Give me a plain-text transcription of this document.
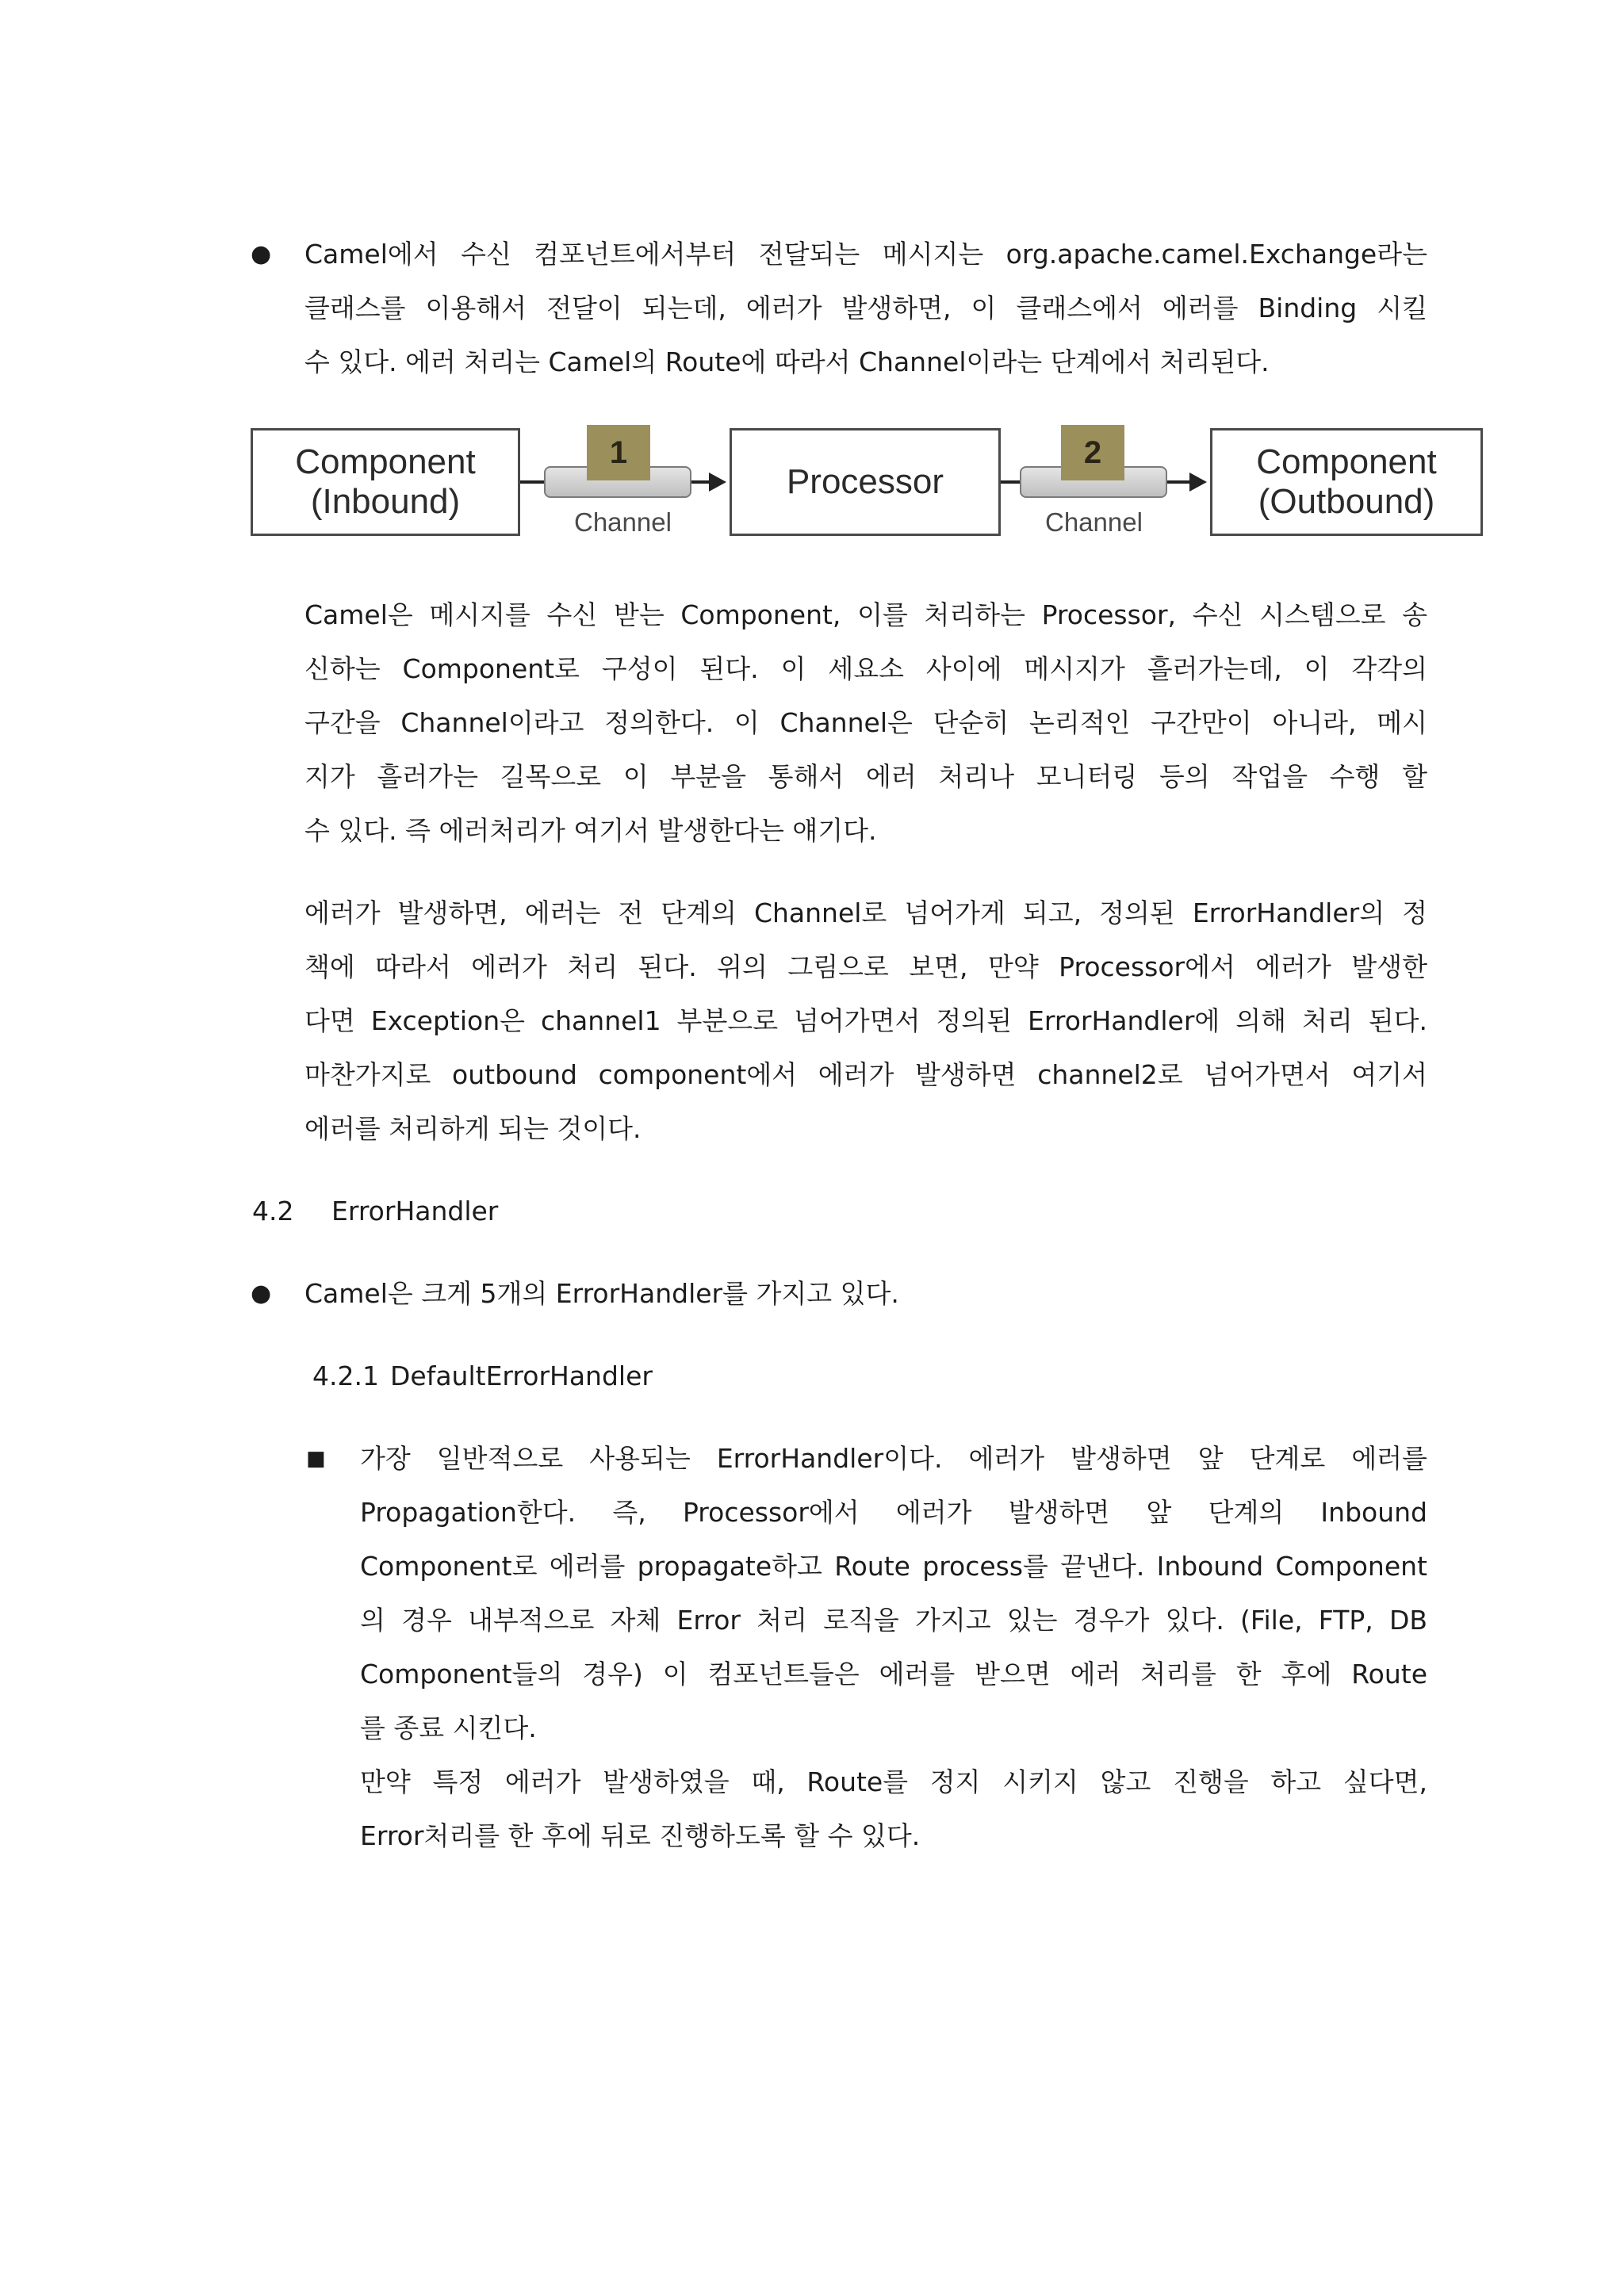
● Camel에서 수신 컴포넌트에서부터 전달되는 메시지는 org.apache.camel.Exchange라는
클래스를 이용해서 전달이 되는데, 에러가 발생하면, 이 클래스에서 에러를 Binding 시킬
수 있다. 에러 처리는 Camel의 Route에 따라서 Channel이라는 단계에서 처리된다.
Component
(Inbound)
1
Channel
Processor
2
Channel
Component
(Outbound)
Camel은 메시지를 수신 받는 Component, 이를 처리하는 Processor, 수신 시스템으로 송
신하는 Component로 구성이 된다. 이 세요소 사이에 메시지가 흘러가는데, 이 각각의
구간을 Channel이라고 정의한다. 이 Channel은 단순히 논리적인 구간만이 아니라, 메시
지가 흘러가는 길목으로 이 부분을 통해서 에러 처리나 모니터링 등의 작업을 수행 할
수 있다. 즉 에러처리가 여기서 발생한다는 얘기다.
에러가 발생하면, 에러는 전 단계의 Channel로 넘어가게 되고, 정의된 ErrorHandler의 정
책에 따라서 에러가 처리 된다. 위의 그림으로 보면, 만약 Processor에서 에러가 발생한
다면 Exception은 channel1 부분으로 넘어가면서 정의된 ErrorHandler에 의해 처리 된다.
마찬가지로 outbound component에서 에러가 발생하면 channel2로 넘어가면서 여기서
에러를 처리하게 되는 것이다.
4.2 ErrorHandler
● Camel은 크게 5개의 ErrorHandler를 가지고 있다.
4.2.1 DefaultErrorHandler
■ 가장 일반적으로 사용되는 ErrorHandler이다. 에러가 발생하면 앞 단계로 에러를
Propagation한다. 즉, Processor에서 에러가 발생하면 앞 단계의 Inbound
Component로 에러를 propagate하고 Route process를 끝낸다. Inbound Component
의 경우 내부적으로 자체 Error 처리 로직을 가지고 있는 경우가 있다. (File, FTP, DB
Component들의 경우) 이 컴포넌트들은 에러를 받으면 에러 처리를 한 후에 Route
를 종료 시킨다.
만약 특정 에러가 발생하였을 때, Route를 정지 시키지 않고 진행을 하고 싶다면,
Error처리를 한 후에 뒤로 진행하도록 할 수 있다.
